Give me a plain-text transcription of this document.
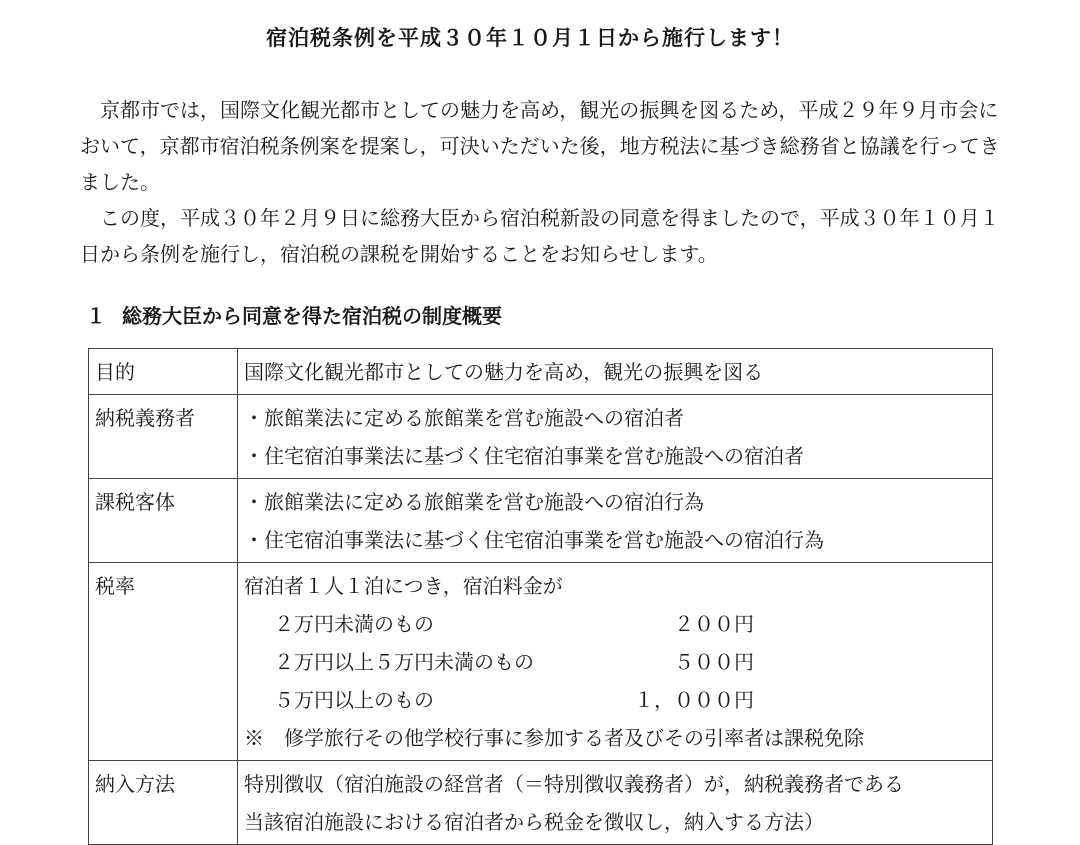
宿泊税条例を平成３０年１０月１日から施行します！

京都市では，国際文化観光都市としての魅力を高め，観光の振興を図るため，平成２９年９月市会において，京都市宿泊税条例案を提案し，可決いただいた後，地方税法に基づき総務省と協議を行ってきました。

この度，平成３０年２月９日に総務大臣から宿泊税新設の同意を得ましたので，平成３０年１０月１日から条例を施行し，宿泊税の課税を開始することをお知らせします。

１ 総務大臣から同意を得た宿泊税の制度概要
目的	国際文化観光都市としての魅力を高め，観光の振興を図る

納税義務者	・旅館業法に定める旅館業を営む施設への宿泊者
・住宅宿泊事業法に基づく住宅宿泊事業を営む施設への宿泊者

課税客体	・旅館業法に定める旅館業を営む施設への宿泊行為
・住宅宿泊事業法に基づく住宅宿泊事業を営む施設への宿泊行為

税率	宿泊者１人１泊につき，宿泊料金が
２万円未満のもの ２００円
２万円以上５万円未満のもの ５００円
５万円以上のもの １，０００円
※　修学旅行その他学校行事に参加する者及びその引率者は課税免除

納入方法	特別徴収（宿泊施設の経営者（＝特別徴収義務者）が，納税義務者である
当該宿泊施設における宿泊者から税金を徴収し，納入する方法）
